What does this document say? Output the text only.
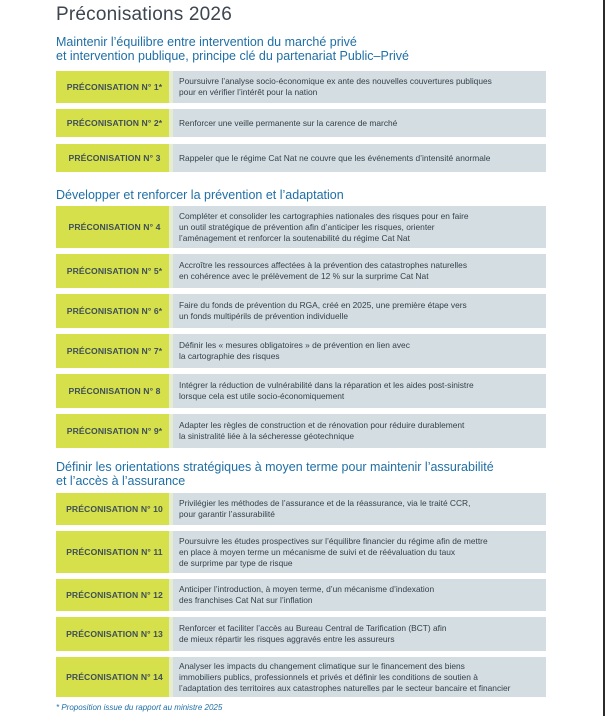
Préconisations 2026
Maintenir l’équilibre entre intervention du marché privé
et intervention publique, principe clé du partenariat Public–Privé
Développer et renforcer la prévention et l’adaptation
Définir les orientations stratégiques à moyen terme pour maintenir l’assurabilité
et l’accès à l’assurance
PRÉCONISATION N° 1*
Poursuivre l’analyse socio-économique ex ante des nouvelles couvertures publiques
pour en vérifier l’intérêt pour la nation
PRÉCONISATION N° 2*	Renforcer une veille permanente sur la carence de marché
PRÉCONISATION N° 3	Rappeler que le régime Cat Nat ne couvre que les événements d’intensité anormale
PRÉCONISATION N° 4
Compléter et consolider les cartographies nationales des risques pour en faire
un outil stratégique de prévention afin d’anticiper les risques, orienter
l’aménagement et renforcer la soutenabilité du régime Cat Nat
PRÉCONISATION N° 5*
Accroître les ressources affectées à la prévention des catastrophes naturelles
en cohérence avec le prélèvement de 12 % sur la surprime Cat Nat
PRÉCONISATION N° 6*
Faire du fonds de prévention du RGA, créé en 2025, une première étape vers
un fonds multipérils de prévention individuelle
PRÉCONISATION N° 7*
Définir les « mesures obligatoires » de prévention en lien avec
la cartographie des risques
PRÉCONISATION N° 8
Intégrer la réduction de vulnérabilité dans la réparation et les aides post-sinistre
lorsque cela est utile socio-économiquement
PRÉCONISATION N° 9*
Adapter les règles de construction et de rénovation pour réduire durablement
la sinistralité liée à la sécheresse géotechnique
PRÉCONISATION N° 10
Privilégier les méthodes de l’assurance et de la réassurance, via le traité CCR,
pour garantir l’assurabilité
PRÉCONISATION N° 11
Poursuivre les études prospectives sur l’équilibre financier du régime afin de mettre
en place à moyen terme un mécanisme de suivi et de réévaluation du taux
de surprime par type de risque
PRÉCONISATION N° 12
Anticiper l’introduction, à moyen terme, d’un mécanisme d’indexation
des franchises Cat Nat sur l’inflation
PRÉCONISATION N° 13
Renforcer et faciliter l’accès au Bureau Central de Tarification (BCT) afin
de mieux répartir les risques aggravés entre les assureurs
PRÉCONISATION N° 14
Analyser les impacts du changement climatique sur le financement des biens
immobiliers publics, professionnels et privés et définir les conditions de soutien à
l’adaptation des territoires aux catastrophes naturelles par le secteur bancaire et financier
* Proposition issue du rapport au ministre 2025
